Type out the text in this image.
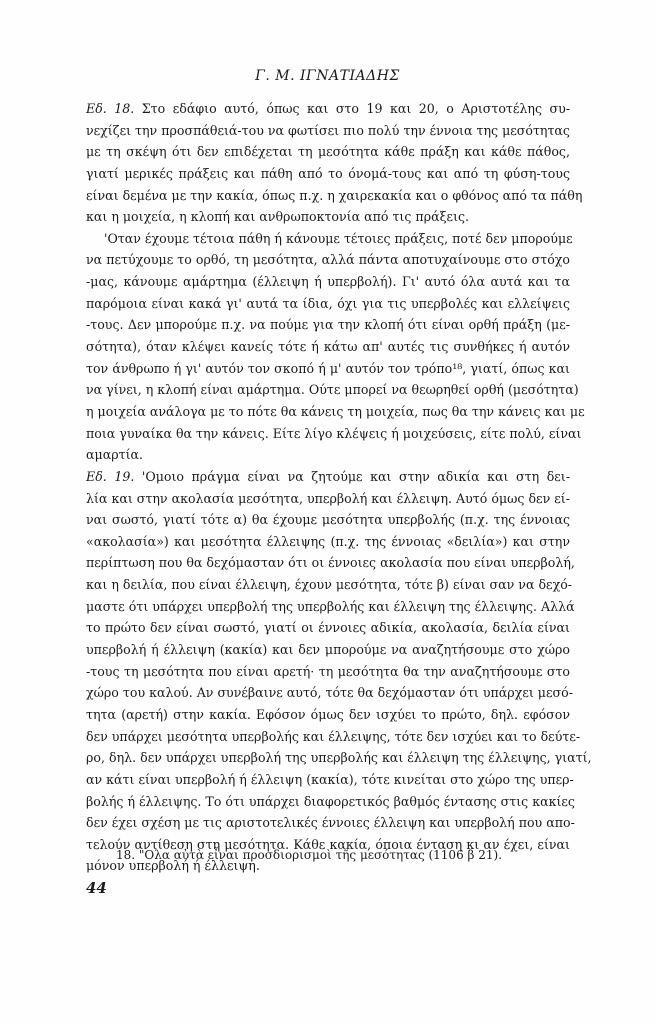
Γ. Μ. ΙΓΝΑΤΙΑΔΗΣ
Εδ. 18. Στο εδάφιο αυτό, όπως και στο 19 και 20, ο Αριστοτέλης συ-
νεχίζει την προσπάθειά-του να φωτίσει πιο πολύ την έννοια της μεσότητας
με τη σκέψη ότι δεν επιδέχεται τη μεσότητα κάθε πράξη και κάθε πάθος,
γιατί μερικές πράξεις και πάθη από το όνομά-τους και από τη φύση-τους
είναι δεμένα με την κακία, όπως π.χ. η χαιρεκακία και ο φθόνος από τα πάθη
και η μοιχεία, η κλοπή και ανθρωποκτονία από τις πράξεις.
'Οταν έχουμε τέτοια πάθη ή κάνουμε τέτοιες πράξεις, ποτέ δεν μπορούμε
να πετύχουμε το ορθό, τη μεσότητα, αλλά πάντα αποτυχαίνουμε στο στόχο
-μας, κάνουμε αμάρτημα (έλλειψη ή υπερβολή). Γι' αυτό όλα αυτά και τα
παρόμοια είναι κακά γι' αυτά τα ίδια, όχι για τις υπερβολές και ελλείψεις
-τους. Δεν μπορούμε π.χ. να πούμε για την κλοπή ότι είναι ορθή πράξη (με-
σότητα), όταν κλέψει κανείς τότε ή κάτω απ' αυτές τις συνθήκες ή αυτόν
τον άνθρωπο ή γι' αυτόν τον σκοπό ή μ' αυτόν τον τρόπο¹⁸, γιατί, όπως και
να γίνει, η κλοπή είναι αμάρτημα. Ούτε μπορεί να θεωρηθεί ορθή (μεσότητα)
η μοιχεία ανάλογα με το πότε θα κάνεις τη μοιχεία, πως θα την κάνεις και με
ποια γυναίκα θα την κάνεις. Είτε λίγο κλέψεις ή μοιχεύσεις, είτε πολύ, είναι
αμαρτία.
Εδ. 19. 'Ομοιο πράγμα είναι να ζητούμε και στην αδικία και στη δει-
λία και στην ακολασία μεσότητα, υπερβολή και έλλειψη. Αυτό όμως δεν εί-
ναι σωστό, γιατί τότε α) θα έχουμε μεσότητα υπερβολής (π.χ. της έννοιας
«ακολασία») και μεσότητα έλλειψης (π.χ. της έννοιας «δειλία») και στην
περίπτωση που θα δεχόμασταν ότι οι έννοιες ακολασία που είναι υπερβολή,
και η δειλία, που είναι έλλειψη, έχουν μεσότητα, τότε β) είναι σαν να δεχό-
μαστε ότι υπάρχει υπερβολή της υπερβολής και έλλειψη της έλλειψης. Αλλά
το πρώτο δεν είναι σωστό, γιατί οι έννοιες αδικία, ακολασία, δειλία είναι
υπερβολή ή έλλειψη (κακία) και δεν μπορούμε να αναζητήσουμε στο χώρο
-τους τη μεσότητα που είναι αρετή· τη μεσότητα θα την αναζητήσουμε στο
χώρο του καλού. Αν συνέβαινε αυτό, τότε θα δεχόμασταν ότι υπάρχει μεσό-
τητα (αρετή) στην κακία. Εφόσον όμως δεν ισχύει το πρώτο, δηλ. εφόσον
δεν υπάρχει μεσότητα υπερβολής και έλλειψης, τότε δεν ισχύει και το δεύτε-
ρο, δηλ. δεν υπάρχει υπερβολή της υπερβολής και έλλειψη της έλλειψης, γιατί,
αν κάτι είναι υπερβολή ή έλλειψη (κακία), τότε κινείται στο χώρο της υπερ-
βολής ή έλλειψης. Το ότι υπάρχει διαφορετικός βαθμός έντασης στις κακίες
δεν έχει σχέση με τις αριστοτελικές έννοιες έλλειψη και υπερβολή που απο-
τελούν αντίθεση στη μεσότητα. Κάθε κακία, όποια ένταση κι αν έχει, είναι
μόνον υπερβολή ή έλλειψη.
18. "Ολα αὐτὰ εἶναι προσδιορισμοὶ τῆς μεσότητας (1106 β 21).
44
